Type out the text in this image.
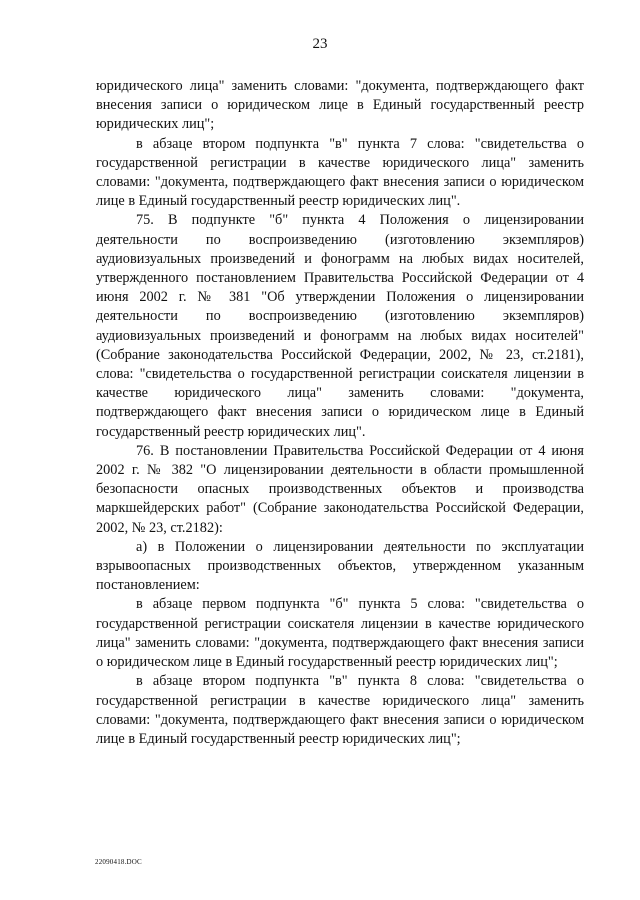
23

юридического лица" заменить словами: "документа, подтверждающего факт внесения записи о юридическом лице в Единый государственный реестр юридических лиц";

в абзаце втором подпункта "в" пункта 7 слова: "свидетельства о государственной регистрации в качестве юридического лица" заменить словами: "документа, подтверждающего факт внесения записи о юридическом лице в Единый государственный реестр юридических лиц".

75. В подпункте "б" пункта 4 Положения о лицензировании деятельности по воспроизведению (изготовлению экземпляров) аудиовизуальных произведений и фонограмм на любых видах носителей, утвержденного постановлением Правительства Российской Федерации от 4 июня 2002 г. № 381 "Об утверждении Положения о лицензировании деятельности по воспроизведению (изготовлению экземпляров) аудиовизуальных произведений и фонограмм на любых видах носителей" (Собрание законодательства Российской Федерации, 2002, № 23, ст.2181), слова: "свидетельства о государственной регистрации соискателя лицензии в качестве юридического лица" заменить словами: "документа, подтверждающего факт внесения записи о юридическом лице в Единый государственный реестр юридических лиц".

76. В постановлении Правительства Российской Федерации от 4 июня 2002 г. № 382 "О лицензировании деятельности в области промышленной безопасности опасных производственных объектов и производства маркшейдерских работ" (Собрание законодательства Российской Федерации, 2002, № 23, ст.2182):

а) в Положении о лицензировании деятельности по эксплуатации взрывоопасных производственных объектов, утвержденном указанным постановлением:

в абзаце первом подпункта "б" пункта 5 слова: "свидетельства о государственной регистрации соискателя лицензии в качестве юридического лица" заменить словами: "документа, подтверждающего факт внесения записи о юридическом лице в Единый государственный реестр юридических лиц";

в абзаце втором подпункта "в" пункта 8 слова: "свидетельства о государственной регистрации в качестве юридического лица" заменить словами: "документа, подтверждающего факт внесения записи о юридическом лице в Единый государственный реестр юридических лиц";

22090418.DOC
